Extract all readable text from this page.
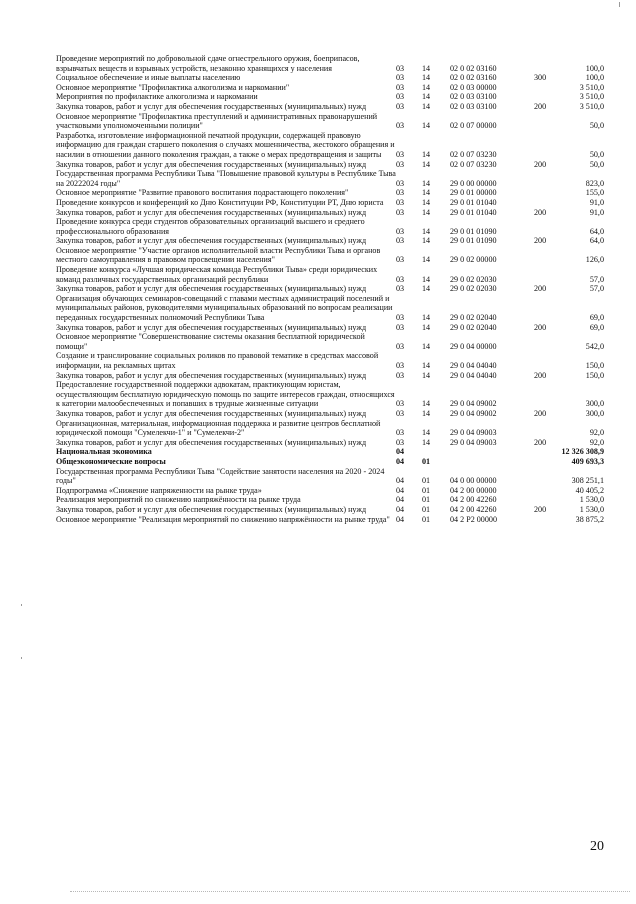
Проведение мероприятий по добровольной сдаче огнестрельного оружия, боеприпасов, взрывчатых веществ и взрывных устройств, незаконно хранящихся у населения	03	14	02 0 02 03160		100,0
Социальное обеспечение и иные выплаты населению	03	14	02 0 02 03160	300	100,0
Основное мероприятие "Профилактика алкоголизма и наркомании"	03	14	02 0 03 00000		3 510,0
Мероприятия по профилактике алкоголизма и наркомании	03	14	02 0 03 03100		3 510,0
Закупка товаров, работ и услуг для обеспечения государственных (муниципальных) нужд	03	14	02 0 03 03100	200	3 510,0
Основное мероприятие "Профилактика преступлений и административных правонарушений участковыми уполномоченными полиции"	03	14	02 0 07 00000		50,0
Разработка, изготовление информационной печатной продукции, содержащей правовую информацию для граждан старшего поколения о случаях мошенничества, жестокого обращения и насилии в отношении данного поколения граждан, а также о мерах предотвращения и защиты	03	14	02 0 07 03230		50,0
Закупка товаров, работ и услуг для обеспечения государственных (муниципальных) нужд	03	14	02 0 07 03230	200	50,0
Государственная программа Республики Тыва "Повышение правовой культуры в Республике Тыва на 20222024 годы"	03	14	29 0 00 00000		823,0
Основное мероприятие "Развитие правового воспитания подрастающего поколения"	03	14	29 0 01 00000		155,0
Проведение конкурсов и конференций ко Дню Конституции РФ, Конституции РТ, Дню юриста	03	14	29 0 01 01040		91,0
Закупка товаров, работ и услуг для обеспечения государственных (муниципальных) нужд	03	14	29 0 01 01040	200	91,0
Проведение конкурса среди студентов образовательных организаций высшего и среднего профессионального образования	03	14	29 0 01 01090		64,0
Закупка товаров, работ и услуг для обеспечения государственных (муниципальных) нужд	03	14	29 0 01 01090	200	64,0
Основное мероприятие "Участие органов исполнительной власти Республики Тыва и органов местного самоуправления в правовом просвещении населения"	03	14	29 0 02 00000		126,0
Проведение конкурса «Лучшая юридическая команда Республики Тыва» среди юридических команд различных государственных организаций республики	03	14	29 0 02 02030		57,0
Закупка товаров, работ и услуг для обеспечения государственных (муниципальных) нужд	03	14	29 0 02 02030	200	57,0
Организация обучающих семинаров-совещаний с главами местных администраций поселений и муниципальных районов, руководителями муниципальных образований по вопросам реализации переданных государственных полномочий Республики Тыва	03	14	29 0 02 02040		69,0
Закупка товаров, работ и услуг для обеспечения государственных (муниципальных) нужд	03	14	29 0 02 02040	200	69,0
Основное мероприятие "Совершенствование системы оказания бесплатной юридической помощи"	03	14	29 0 04 00000		542,0
Создание и транслирование социальных роликов по правовой тематике в средствах массовой информации, на рекламных щитах	03	14	29 0 04 04040		150,0
Закупка товаров, работ и услуг для обеспечения государственных (муниципальных) нужд	03	14	29 0 04 04040	200	150,0
Предоставление государственной поддержки адвокатам, практикующим юристам, осуществляющим бесплатную юридическую помощь по защите интересов граждан, относящихся к категории малообеспеченных и попавших в трудные жизненные ситуации	03	14	29 0 04 09002		300,0
Закупка товаров, работ и услуг для обеспечения государственных (муниципальных) нужд	03	14	29 0 04 09002	200	300,0
Организационная, материальная, информационная поддержка и развитие центров бесплатной юридической помощи "Сумелекчи-1" и "Сумелекчи-2"	03	14	29 0 04 09003		92,0
Закупка товаров, работ и услуг для обеспечения государственных (муниципальных) нужд	03	14	29 0 04 09003	200	92,0
Национальная экономика	04				12 326 308,9
Общеэкономические вопросы	04	01			409 693,3
Государственная программа Республики Тыва "Содействие занятости населения на 2020 - 2024 годы"	04	01	04 0 00 00000		308 251,1
Подпрограмма «Снижение напряженности на рынке труда»	04	01	04 2 00 00000		40 405,2
Реализация мероприятий по снижению напряжённости на рынке труда	04	01	04 2 00 42260		1 530,0
Закупка товаров, работ и услуг для обеспечения государственных (муниципальных) нужд	04	01	04 2 00 42260	200	1 530,0
Основное мероприятие "Реализация мероприятий по снижению напряжённости на рынке труда"	04	01	04 2 P2 00000		38 875,2
20
